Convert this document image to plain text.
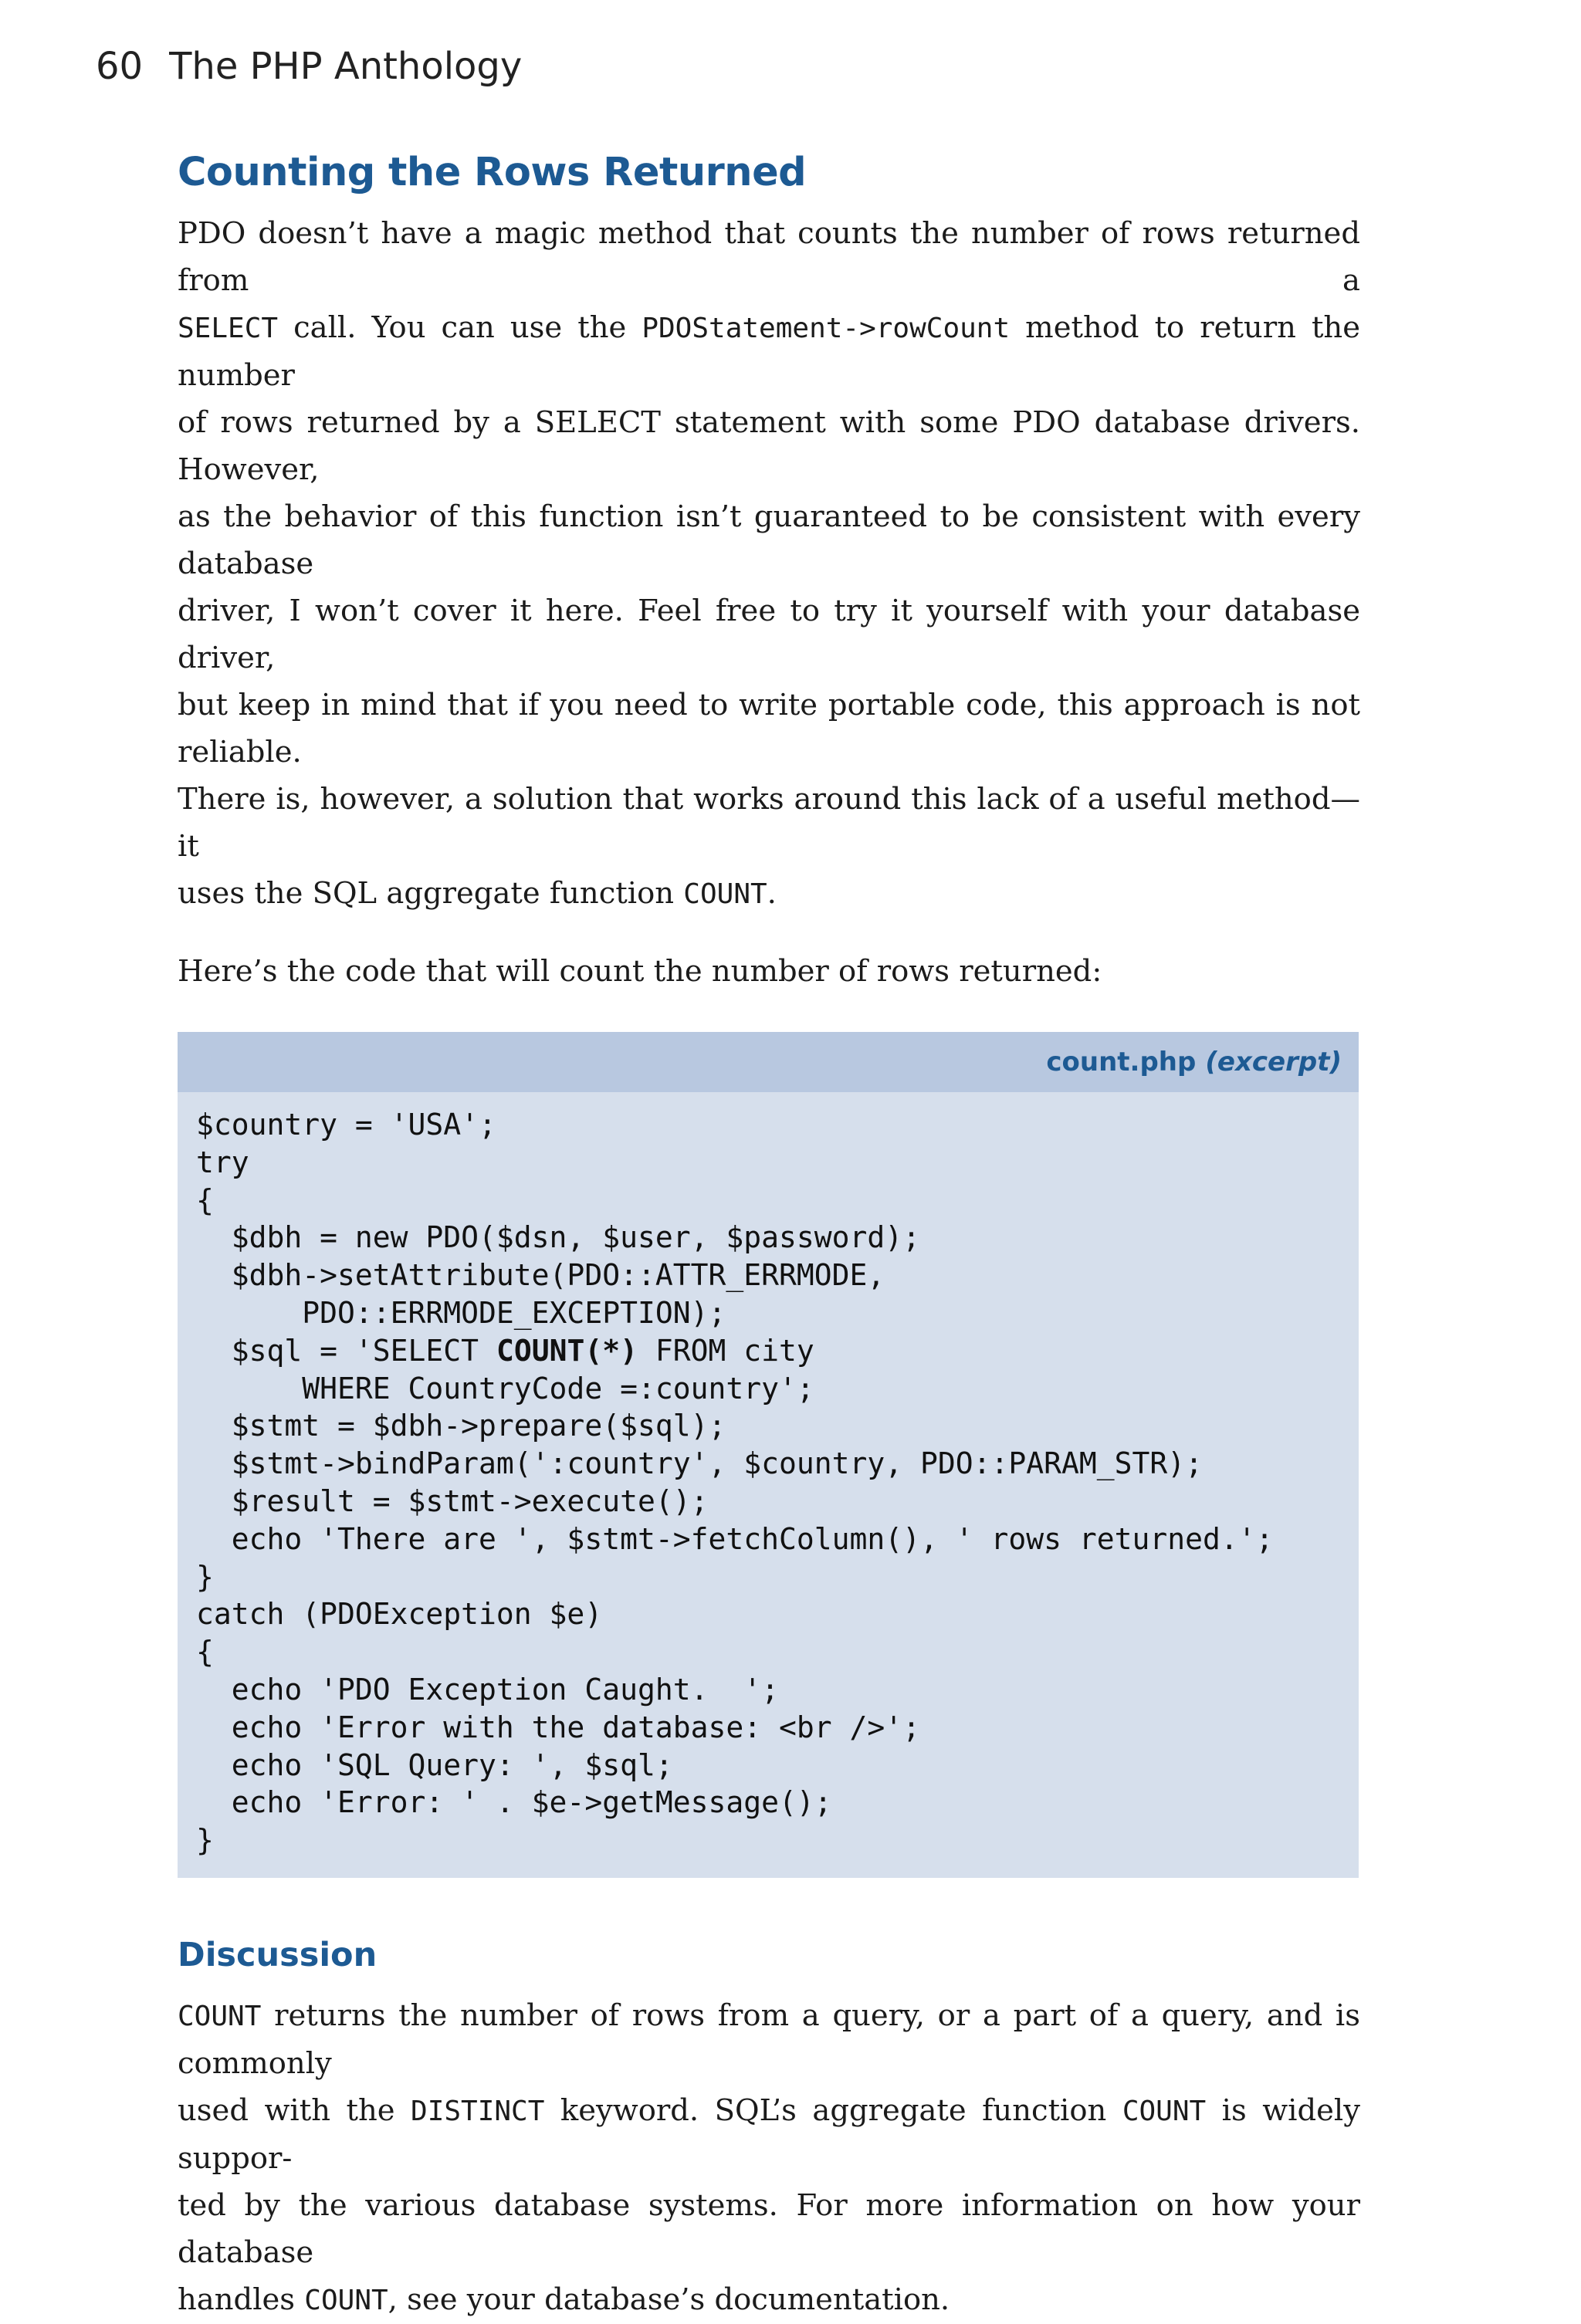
60 The PHP Anthology
Counting the Rows Returned
PDO doesn’t have a magic method that counts the number of rows returned from a
SELECT call. You can use the PDOStatement->rowCount method to return the number
of rows returned by a SELECT statement with some PDO database drivers. However,
as the behavior of this function isn’t guaranteed to be consistent with every database
driver, I won’t cover it here. Feel free to try it yourself with your database driver,
but keep in mind that if you need to write portable code, this approach is not reliable.
There is, however, a solution that works around this lack of a useful method—it
uses the SQL aggregate function COUNT.
Here’s the code that will count the number of rows returned:
count.php (excerpt)
$country = 'USA';
try
{
$dbh = new PDO($dsn, $user, $password);
$dbh->setAttribute(PDO::ATTR_ERRMODE,
PDO::ERRMODE_EXCEPTION);
$sql = 'SELECT COUNT(*) FROM city
WHERE CountryCode =:country';
$stmt = $dbh->prepare($sql);
$stmt->bindParam(':country', $country, PDO::PARAM_STR);
$result = $stmt->execute();
echo 'There are ', $stmt->fetchColumn(), ' rows returned.';
}
catch (PDOException $e)
{
echo 'PDO Exception Caught.  ';
echo 'Error with the database: <br />';
echo 'SQL Query: ', $sql;
echo 'Error: ' . $e->getMessage();
}
Discussion
COUNT returns the number of rows from a query, or a part of a query, and is commonly
used with the DISTINCT keyword. SQL’s aggregate function COUNT is widely suppor-
ted by the various database systems. For more information on how your database
handles COUNT, see your database’s documentation.
